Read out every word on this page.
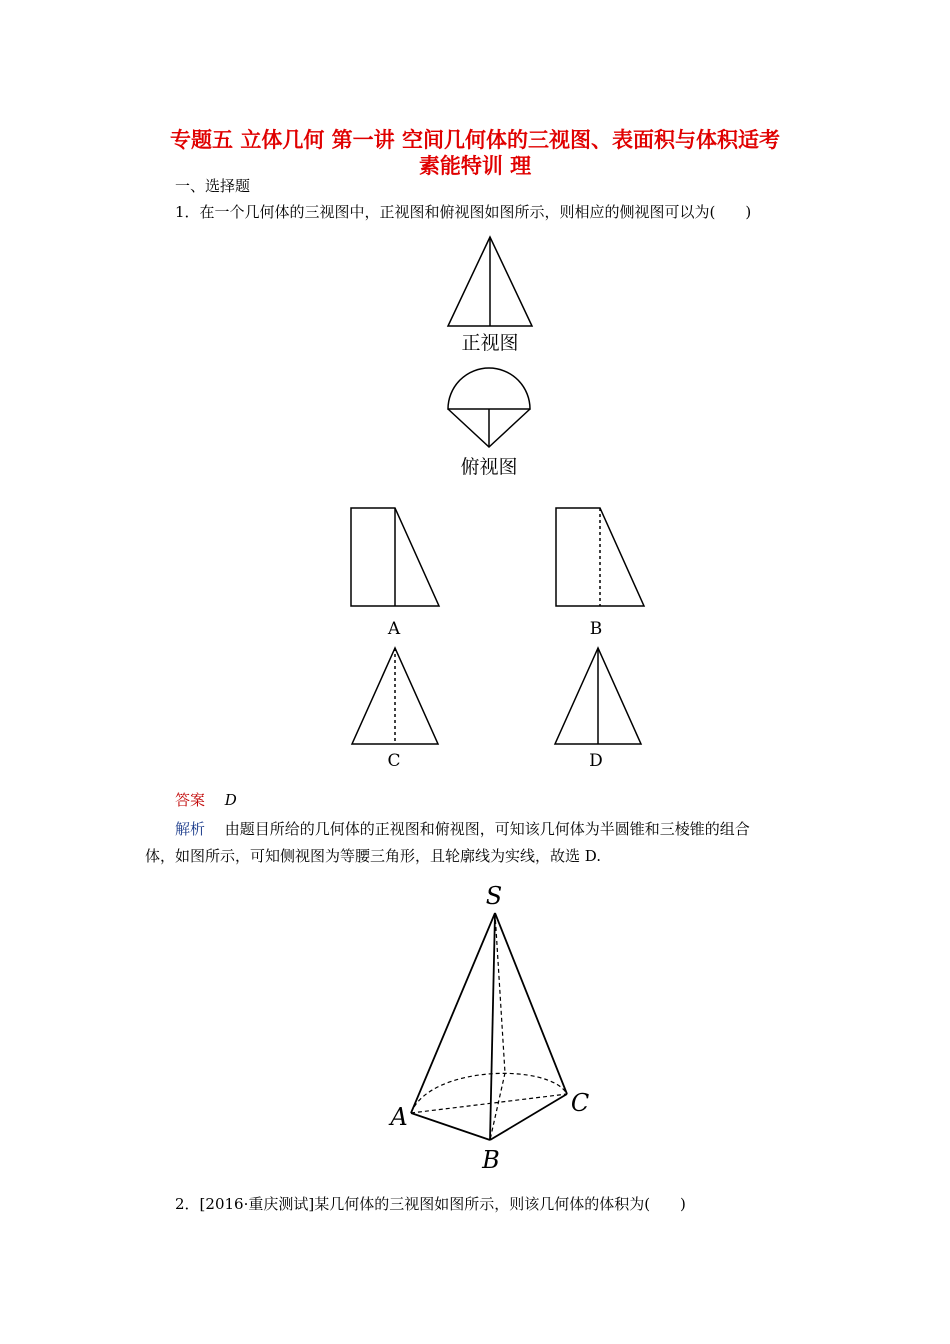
专题五 立体几何 第一讲 空间几何体的三视图、表面积与体积适考
素能特训 理
一、选择题
1．在一个几何体的三视图中，正视图和俯视图如图所示，则相应的侧视图可以为(　　)
正视图
俯视图
A	B
C	D
答案　 D
解析　 由题目所给的几何体的正视图和俯视图，可知该几何体为半圆锥和三棱锥的组合
体，如图所示，可知侧视图为等腰三角形，且轮廓线为实线，故选 D.
S
A
B
C
2．[2016·重庆测试]某几何体的三视图如图所示，则该几何体的体积为(　　)
